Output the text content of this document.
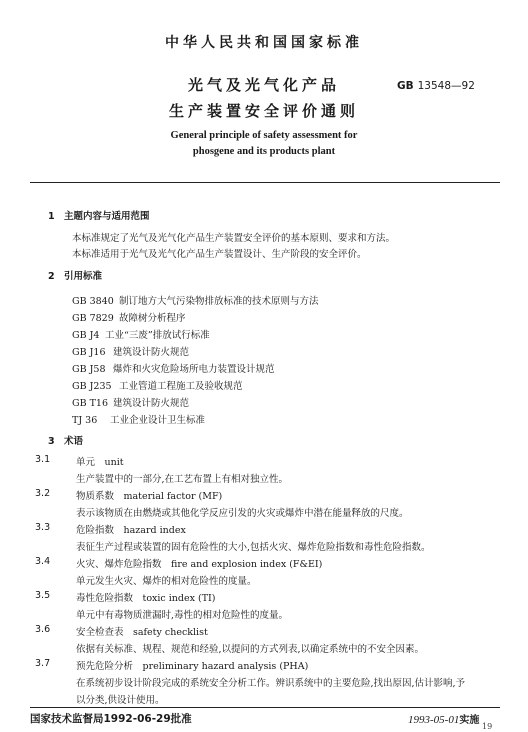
中华人民共和国国家标准
光气及光气化产品
生产装置安全评价通则
GB 13548—92
General principle of safety assessment for
phosgene and its products plant
1 主题内容与适用范围
本标准规定了光气及光气化产品生产装置安全评价的基本原则、要求和方法。
本标准适用于光气及光气化产品生产装置设计、生产阶段的安全评价。
2 引用标准
GB 3840 制订地方大气污染物排放标准的技术原则与方法
GB 7829 故障树分析程序
GB J4 工业“三废”排放试行标准
GB J16 建筑设计防火规范
GB J58 爆炸和火灾危险场所电力装置设计规范
GB J235 工业管道工程施工及验收规范
GB T16 建筑设计防火规范
TJ 36 工业企业设计卫生标准
3 术语
3.1	单元　unit
生产装置中的一部分,在工艺布置上有相对独立性。
3.2	物质系数　material factor (MF)
表示该物质在由燃烧或其他化学反应引发的火灾或爆炸中潜在能量释放的尺度。
3.3	危险指数　hazard index
表征生产过程或装置的固有危险性的大小,包括火灾、爆炸危险指数和毒性危险指数。
3.4	火灾、爆炸危险指数　fire and explosion index (F&EI)
单元发生火灾、爆炸的相对危险性的度量。
3.5	毒性危险指数　toxic index (TI)
单元中有毒物质泄漏时,毒性的相对危险性的度量。
3.6	安全检查表　safety checklist
依据有关标准、规程、规范和经验,以提问的方式列表,以确定系统中的不安全因素。
3.7	预先危险分析　preliminary hazard analysis (PHA)
在系统初步设计阶段完成的系统安全分析工作。辨识系统中的主要危险,找出原因,估计影响,予
以分类,供设计使用。
国家技术监督局1992-06-29批准	1993-05-01实施
19
